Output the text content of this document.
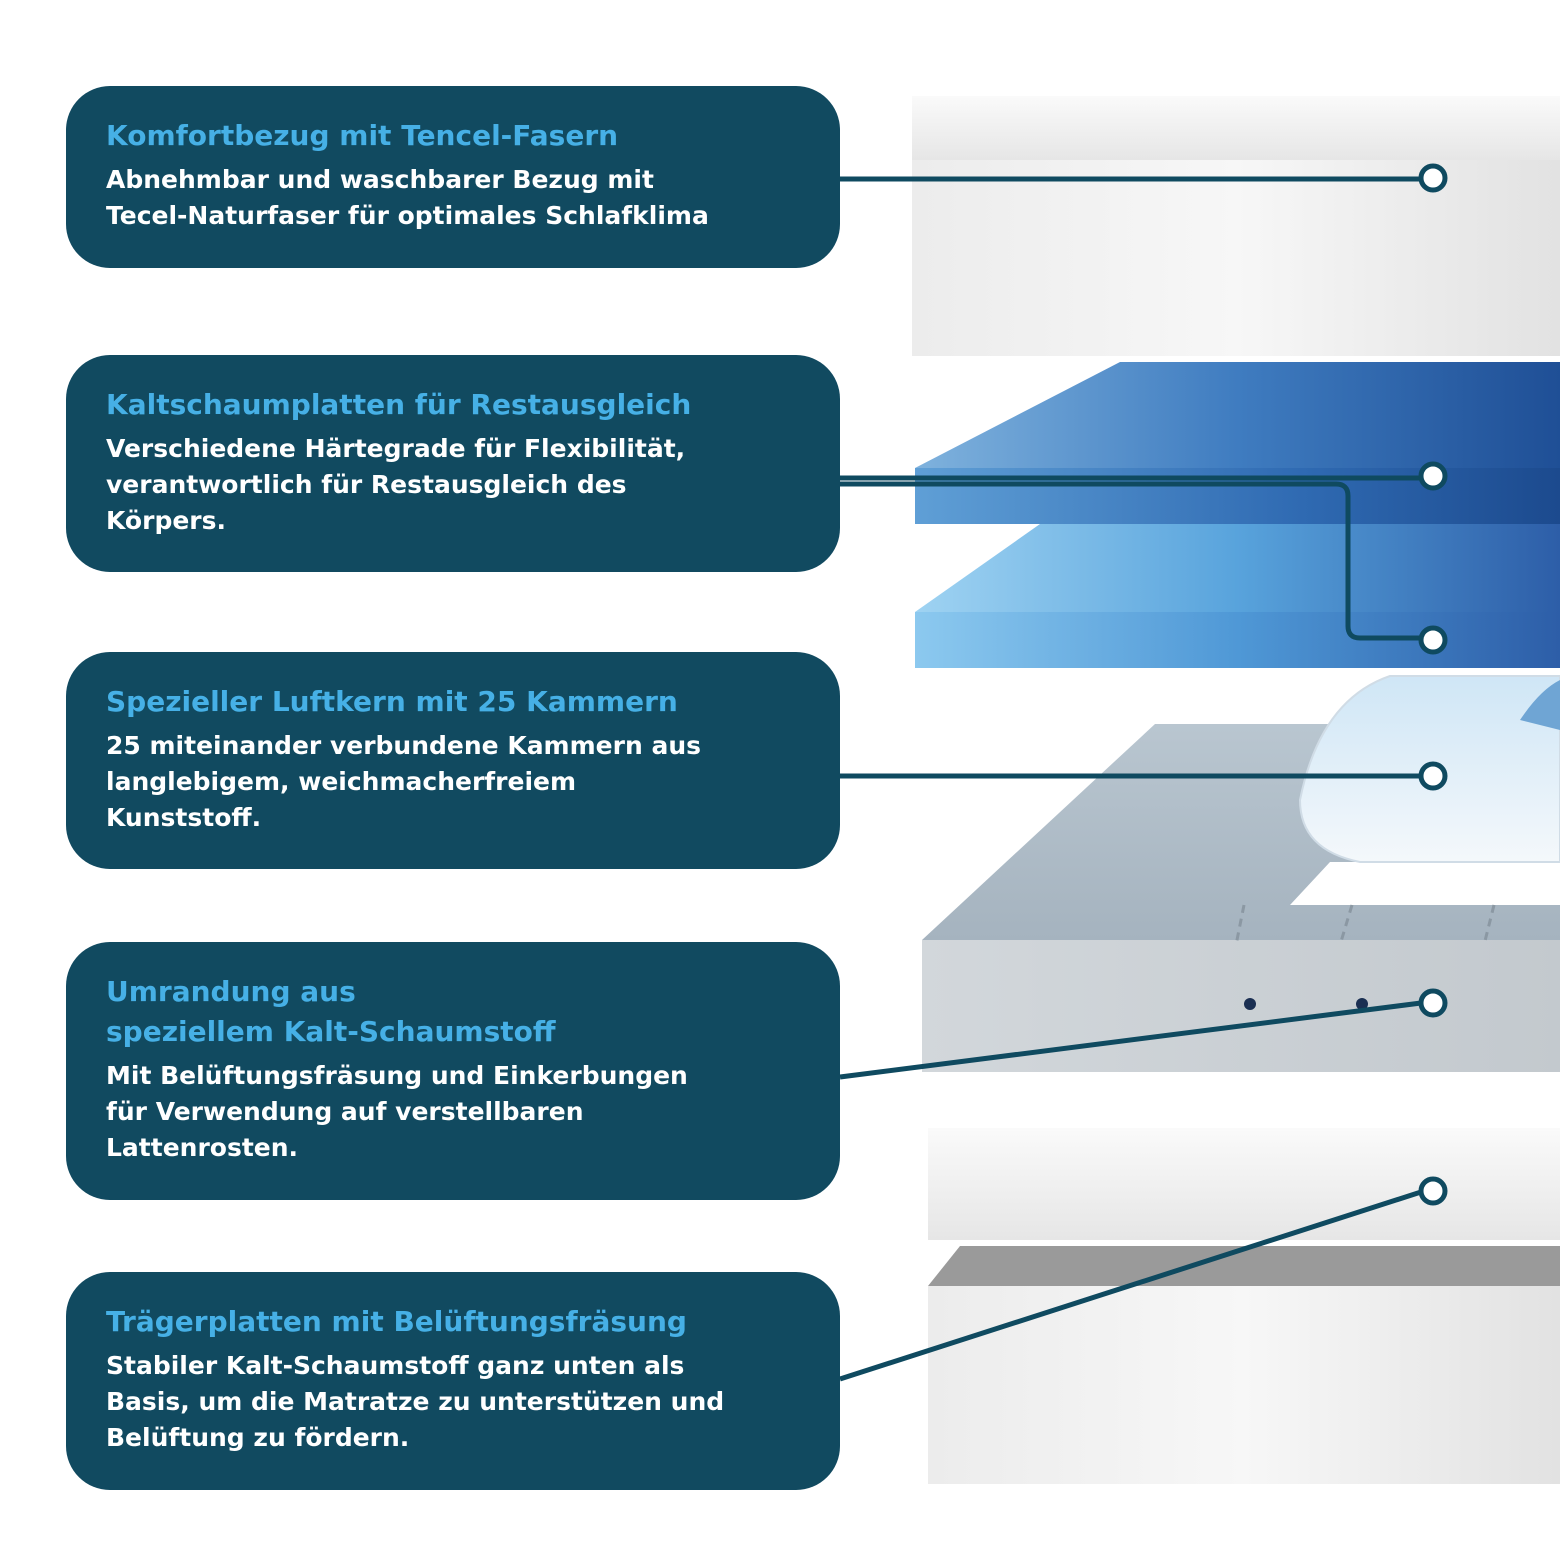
Komfortbezug mit Tencel-Fasern
Abnehmbar und waschbarer Bezug mit
Tecel-Naturfaser für optimales Schlafklima
Kaltschaumplatten für Restausgleich
Verschiedene Härtegrade für Flexibilität,
verantwortlich für Restausgleich des
Körpers.
Spezieller Luftkern mit 25 Kammern
25 miteinander verbundene Kammern aus
langlebigem, weichmacherfreiem
Kunststoff.
Umrandung aus
speziellem Kalt-Schaumstoff
Mit Belüftungsfräsung und Einkerbungen
für Verwendung auf verstellbaren
Lattenrosten.
Trägerplatten mit Belüftungsfräsung
Stabiler Kalt-Schaumstoff ganz unten als
Basis, um die Matratze zu unterstützen und
Belüftung zu fördern.
